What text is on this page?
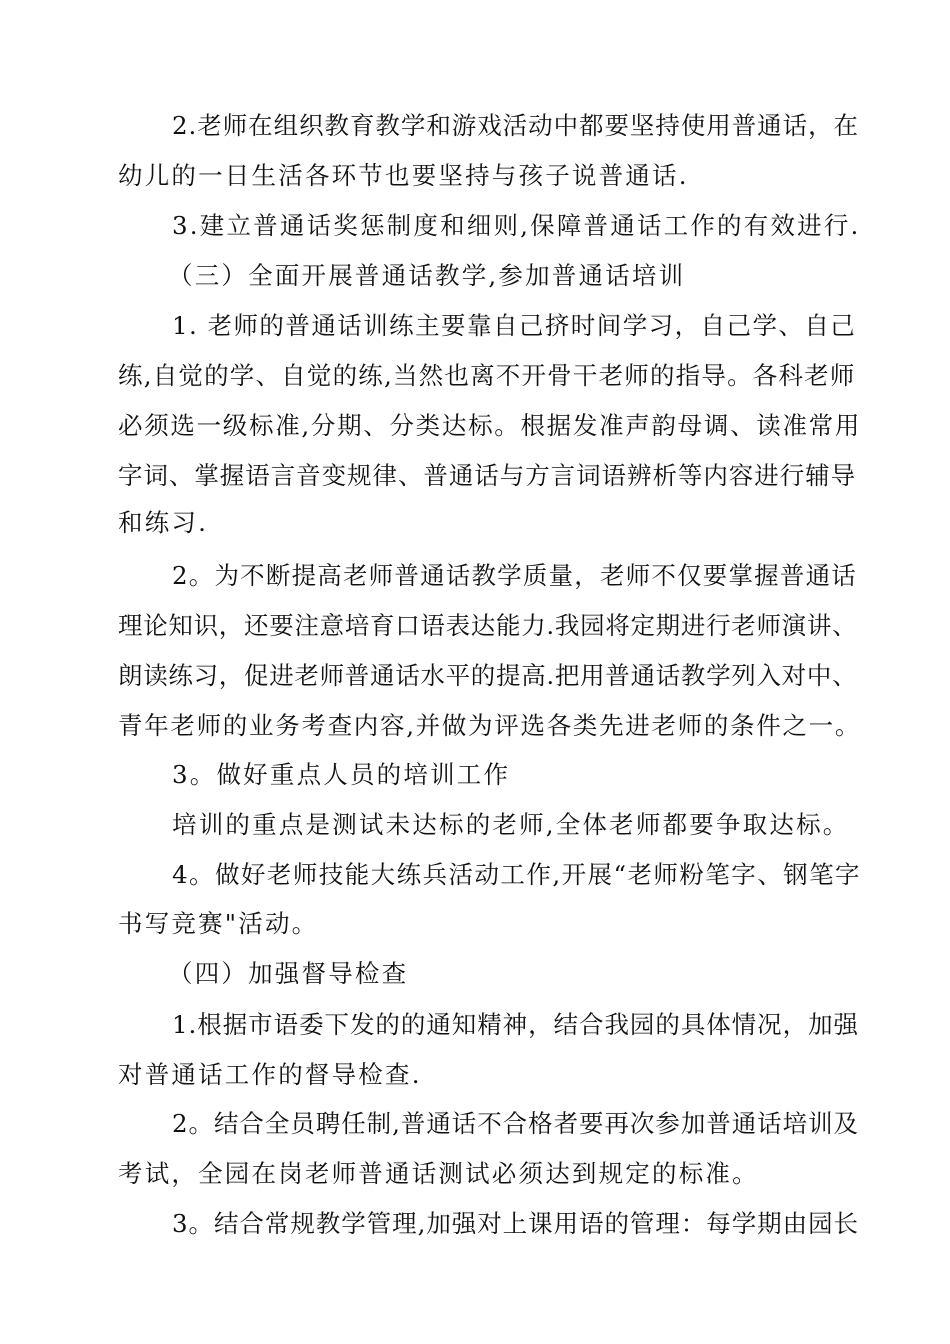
2.老师在组织教育教学和游戏活动中都要坚持使用普通话，在
幼儿的一日生活各环节也要坚持与孩子说普通话.
3.建立普通话奖惩制度和细则,保障普通话工作的有效进行.
（三）全面开展普通话教学,参加普通话培训
1. 老师的普通话训练主要靠自己挤时间学习，自己学、自己
练,自觉的学、自觉的练,当然也离不开骨干老师的指导。各科老师
必须选一级标准,分期、分类达标。根据发准声韵母调、读准常用
字词、掌握语言音变规律、普通话与方言词语辨析等内容进行辅导
和练习.
2。为不断提高老师普通话教学质量，老师不仅要掌握普通话
理论知识，还要注意培育口语表达能力.我园将定期进行老师演讲、
朗读练习，促进老师普通话水平的提高.把用普通话教学列入对中、
青年老师的业务考查内容,并做为评选各类先进老师的条件之一。
3。做好重点人员的培训工作
培训的重点是测试未达标的老师,全体老师都要争取达标。
4。做好老师技能大练兵活动工作,开展“老师粉笔字、钢笔字
书写竞赛"活动。
（四）加强督导检查
1.根据市语委下发的的通知精神，结合我园的具体情况，加强
对普通话工作的督导检查.
2。结合全员聘任制,普通话不合格者要再次参加普通话培训及
考试，全园在岗老师普通话测试必须达到规定的标准。
3。结合常规教学管理,加强对上课用语的管理：每学期由园长
